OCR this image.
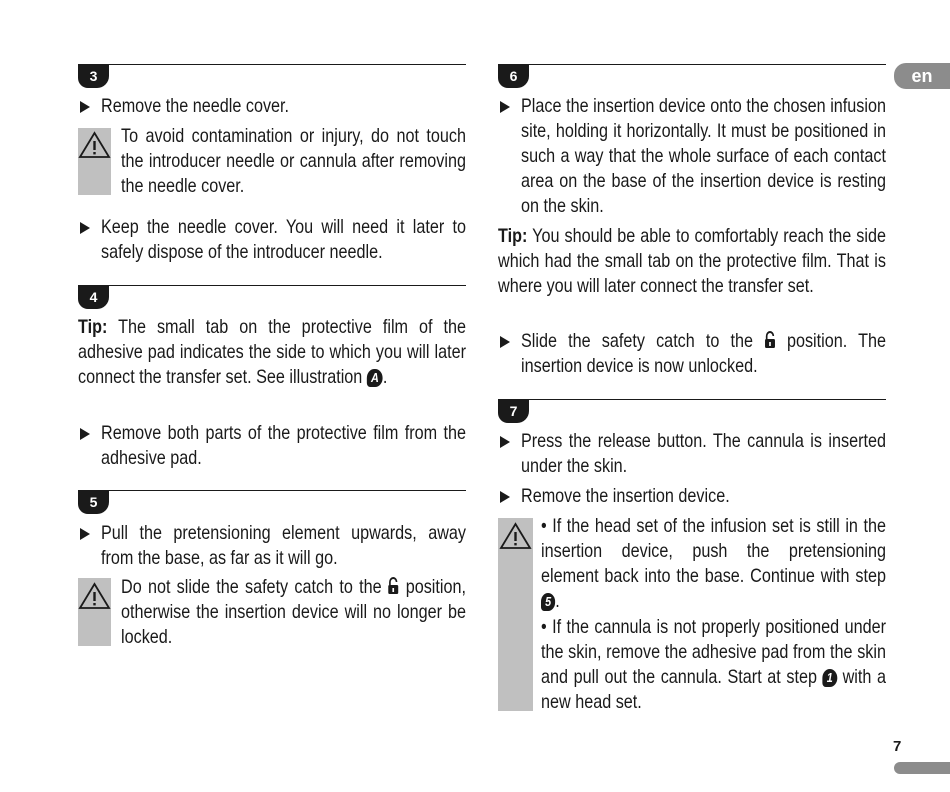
en
7
3
Remove the needle cover.
To avoid contamination or injury, do not touch the introducer needle or cannula after removing the needle cover.
Keep the needle cover. You will need it later to safely dispose of the introducer needle.
4
Tip: The small tab on the protective film of the adhesive pad indicates the side to which you will later connect the transfer set. See illustration A .
Remove both parts of the protective film from the adhesive pad.
5
Pull the pretensioning element upwards, away from the base, as far as it will go.
Do not slide the safety catch to the  position, otherwise the insertion device will no longer be locked.
6
Place the insertion device onto the chosen infusion site, holding it horizontally. It must be positioned in such a way that the whole surface of each contact area on the base of the insertion device is resting on the skin.
Tip: You should be able to comfortably reach the side which had the small tab on the protective film. That is where you will later connect the transfer set.
Slide the safety catch to the  position. The insertion device is now unlocked.
7
Press the release button. The cannula is inserted under the skin.
Remove the insertion device.
• If the head set of the infusion set is still in the insertion device, push the pretensioning element back into the base. Continue with step 5 .
• If the cannula is not properly positioned under the skin, remove the adhesive pad from the skin and pull out the cannula. Start at step 1 with a new head set.
